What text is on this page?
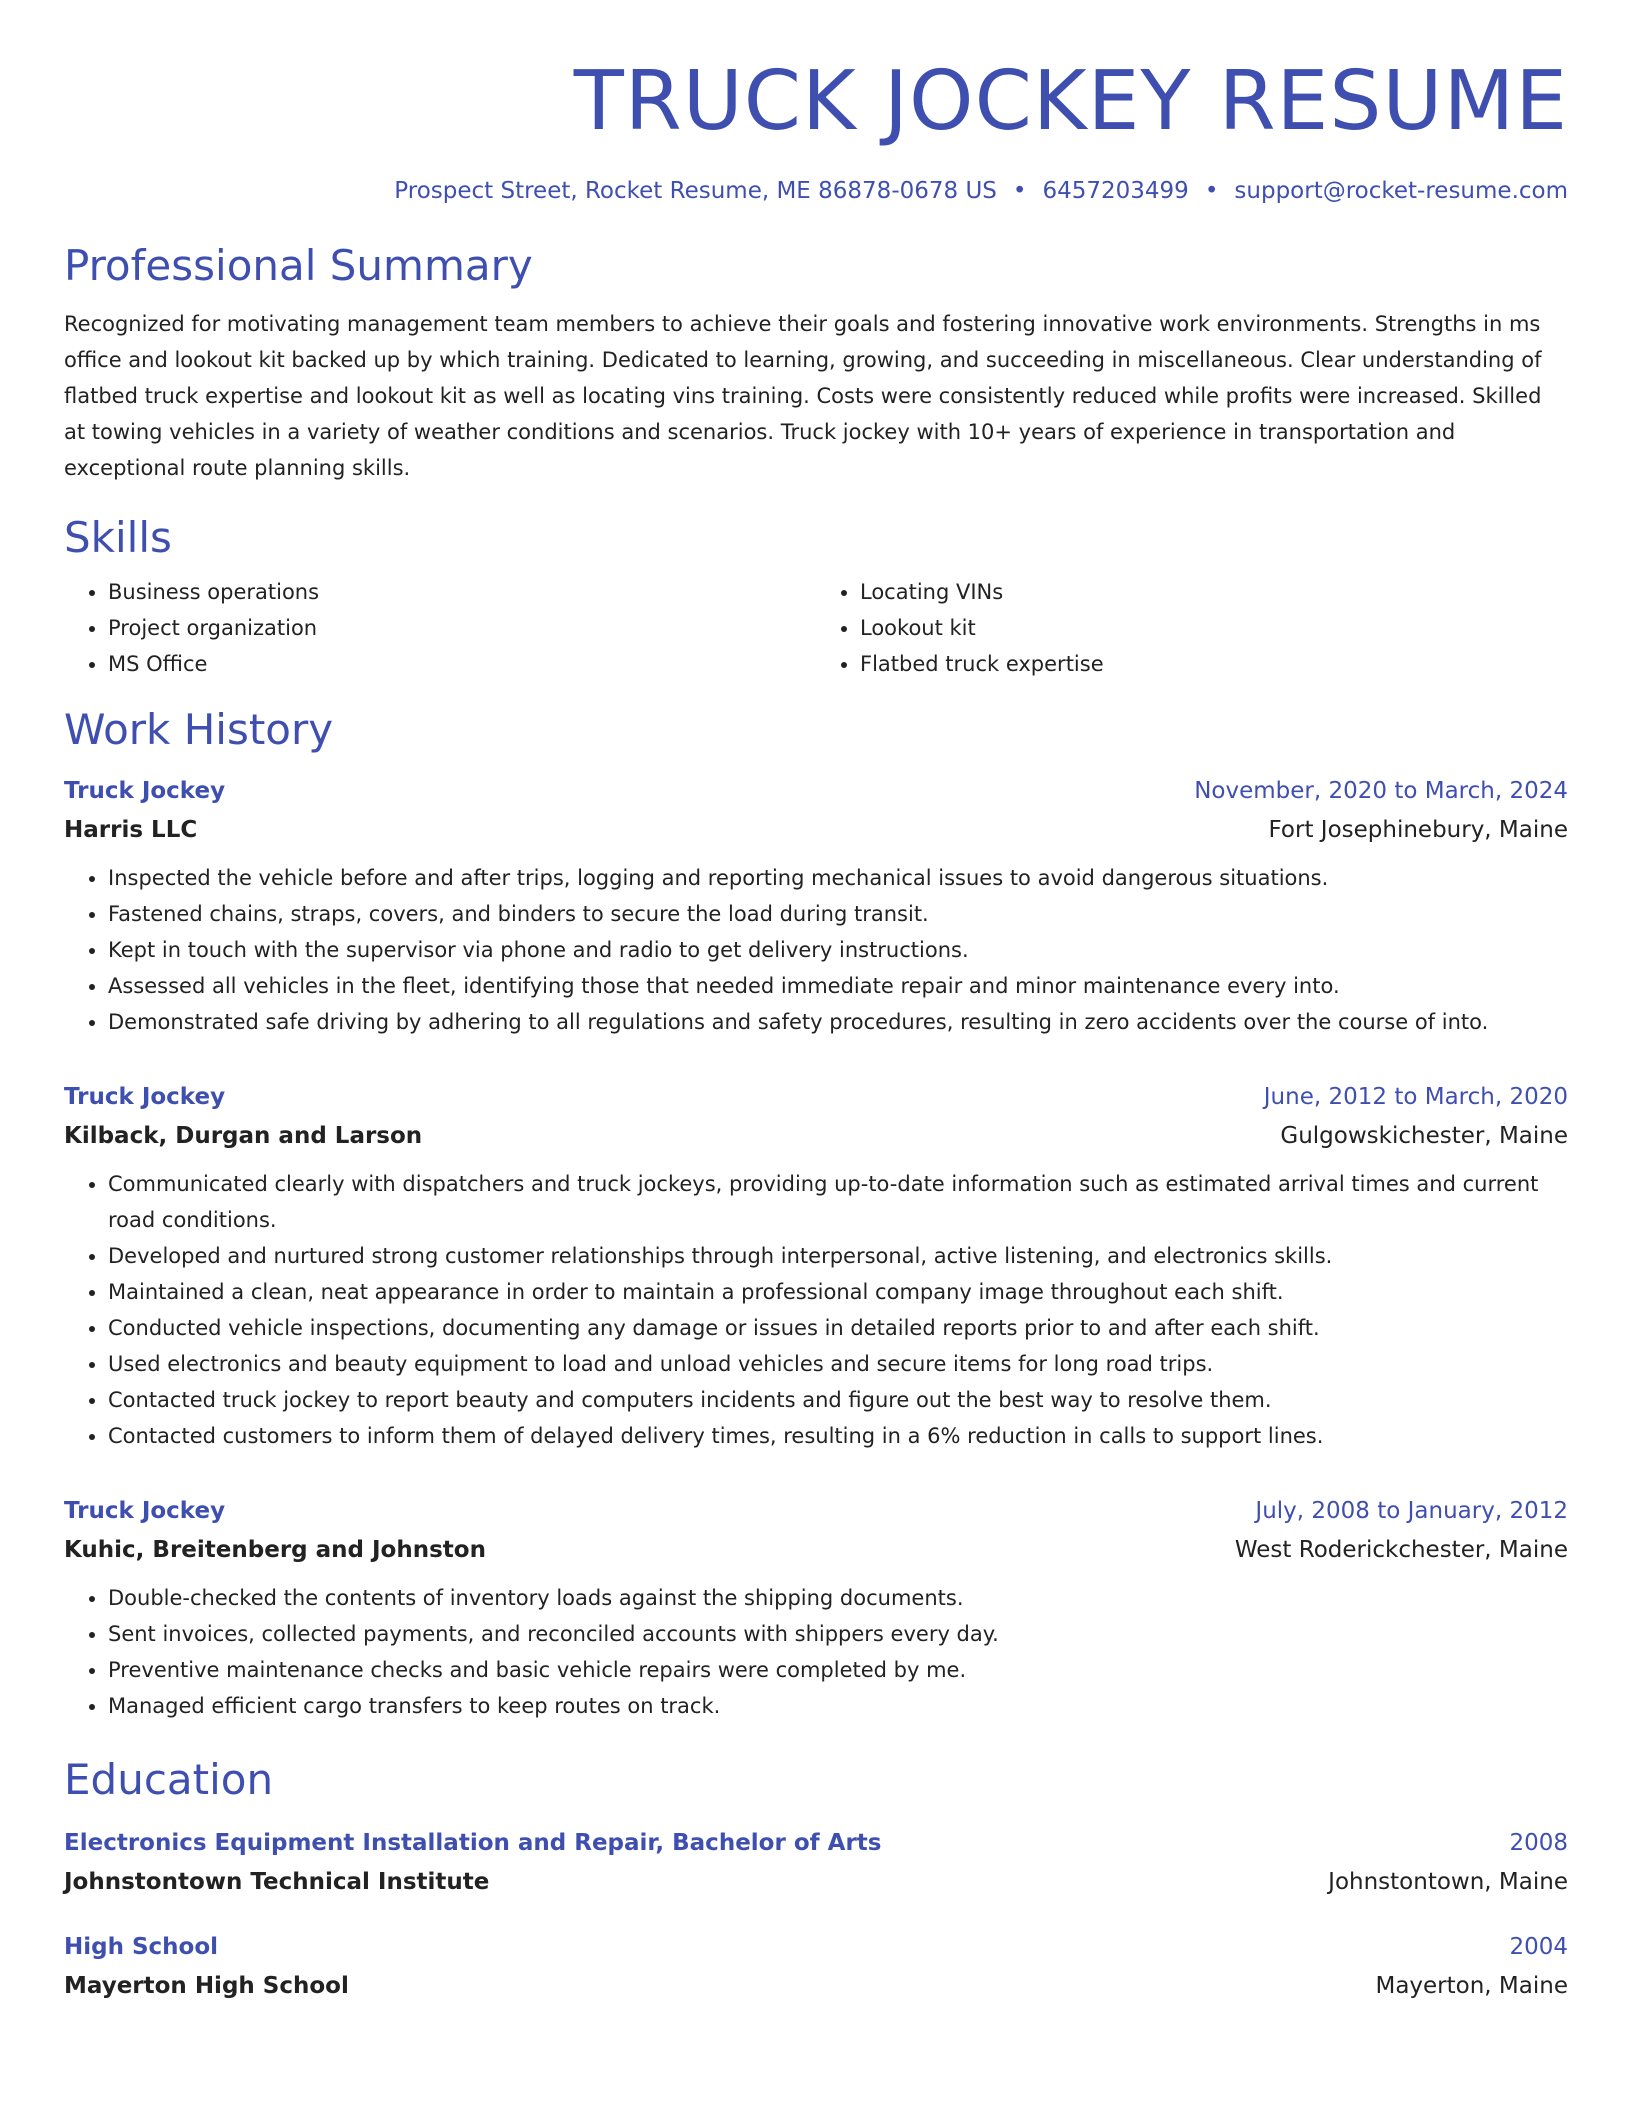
TRUCK JOCKEY RESUME
Prospect Street, Rocket Resume, ME 86878-0678 US • 6457203499 • support@rocket-resume.com
Professional Summary
Recognized for motivating management team members to achieve their goals and fostering innovative work environments. Strengths in ms office and lookout kit backed up by which training. Dedicated to learning, growing, and succeeding in miscellaneous. Clear understanding of flatbed truck expertise and lookout kit as well as locating vins training. Costs were consistently reduced while profits were increased. Skilled at towing vehicles in a variety of weather conditions and scenarios. Truck jockey with 10+ years of experience in transportation and exceptional route planning skills.
Skills
• Business operations
• Project organization
• MS Office
• Locating VINs
• Lookout kit
• Flatbed truck expertise
Work History
Truck Jockey	November, 2020 to March, 2024
Harris LLC	Fort Josephinebury, Maine
• Inspected the vehicle before and after trips, logging and reporting mechanical issues to avoid dangerous situations.
• Fastened chains, straps, covers, and binders to secure the load during transit.
• Kept in touch with the supervisor via phone and radio to get delivery instructions.
• Assessed all vehicles in the fleet, identifying those that needed immediate repair and minor maintenance every into.
• Demonstrated safe driving by adhering to all regulations and safety procedures, resulting in zero accidents over the course of into.
Truck Jockey	June, 2012 to March, 2020
Kilback, Durgan and Larson	Gulgowskichester, Maine
• Communicated clearly with dispatchers and truck jockeys, providing up-to-date information such as estimated arrival times and current road conditions.
• Developed and nurtured strong customer relationships through interpersonal, active listening, and electronics skills.
• Maintained a clean, neat appearance in order to maintain a professional company image throughout each shift.
• Conducted vehicle inspections, documenting any damage or issues in detailed reports prior to and after each shift.
• Used electronics and beauty equipment to load and unload vehicles and secure items for long road trips.
• Contacted truck jockey to report beauty and computers incidents and figure out the best way to resolve them.
• Contacted customers to inform them of delayed delivery times, resulting in a 6% reduction in calls to support lines.
Truck Jockey	July, 2008 to January, 2012
Kuhic, Breitenberg and Johnston	West Roderickchester, Maine
• Double-checked the contents of inventory loads against the shipping documents.
• Sent invoices, collected payments, and reconciled accounts with shippers every day.
• Preventive maintenance checks and basic vehicle repairs were completed by me.
• Managed efficient cargo transfers to keep routes on track.
Education
Electronics Equipment Installation and Repair, Bachelor of Arts	2008
Johnstontown Technical Institute	Johnstontown, Maine
High School	2004
Mayerton High School	Mayerton, Maine
